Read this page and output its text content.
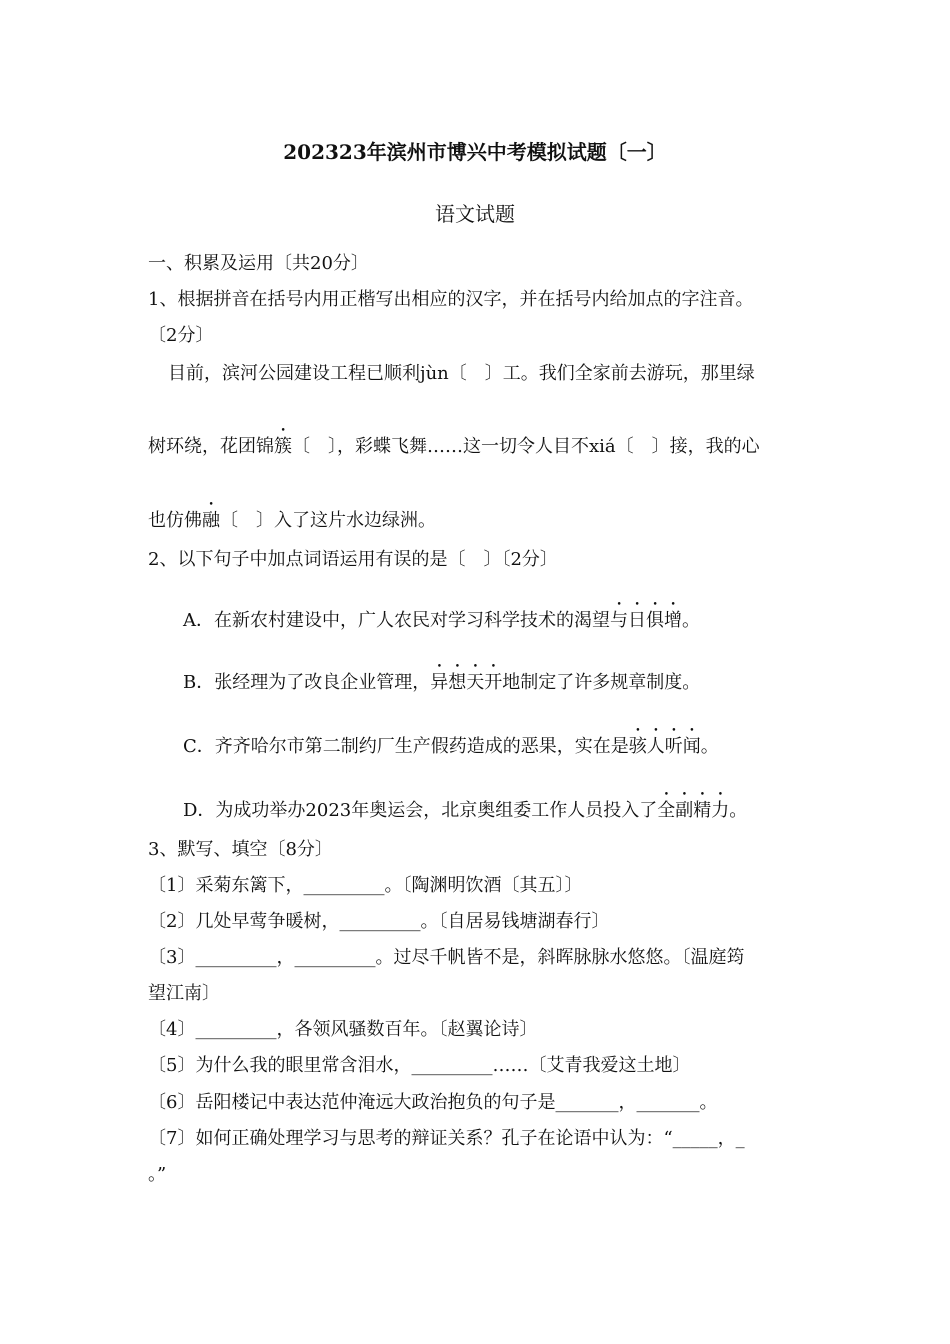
202323年滨州市博兴中考模拟试题〔一〕
语文试题
一、积累及运用〔共20分〕
1、根据拼音在括号内用正楷写出相应的汉字，并在括号内给加点的字注音。
〔2分〕
目前，滨河公园建设工程已顺利jùn〔　〕工。我们全家前去游玩，那里绿
树环绕，花团锦簇〔　〕，彩蝶飞舞……这一切令人目不xiá〔　〕接，我的心
也仿佛融〔　〕入了这片水边绿洲。
2、以下句子中加点词语运用有误的是〔　〕〔2分〕
A．在新农村建设中，广人农民对学习科学技术的渴望与日俱增。
B．张经理为了改良企业管理，异想天开地制定了许多规章制度。
C．齐齐哈尔市第二制约厂生产假药造成的恶果，实在是骇人听闻。
D．为成功举办2023年奥运会，北京奥组委工作人员投入了全副精力。
3、默写、填空〔8分〕
〔1〕采菊东篱下，_________。〔陶渊明饮酒〔其五〕〕
〔2〕几处早莺争暖树，_________。〔自居易钱塘湖春行〕
〔3〕_________，_________。过尽千帆皆不是，斜晖脉脉水悠悠。〔温庭筠
望江南〕
〔4〕_________，各领风骚数百年。〔赵翼论诗〕
〔5〕为什么我的眼里常含泪水，_________……〔艾青我爱这土地〕
〔6〕岳阳楼记中表达范仲淹远大政治抱负的句子是_______，_______。
〔7〕如何正确处理学习与思考的辩证关系？孔子在论语中认为：“_____，_
。”
